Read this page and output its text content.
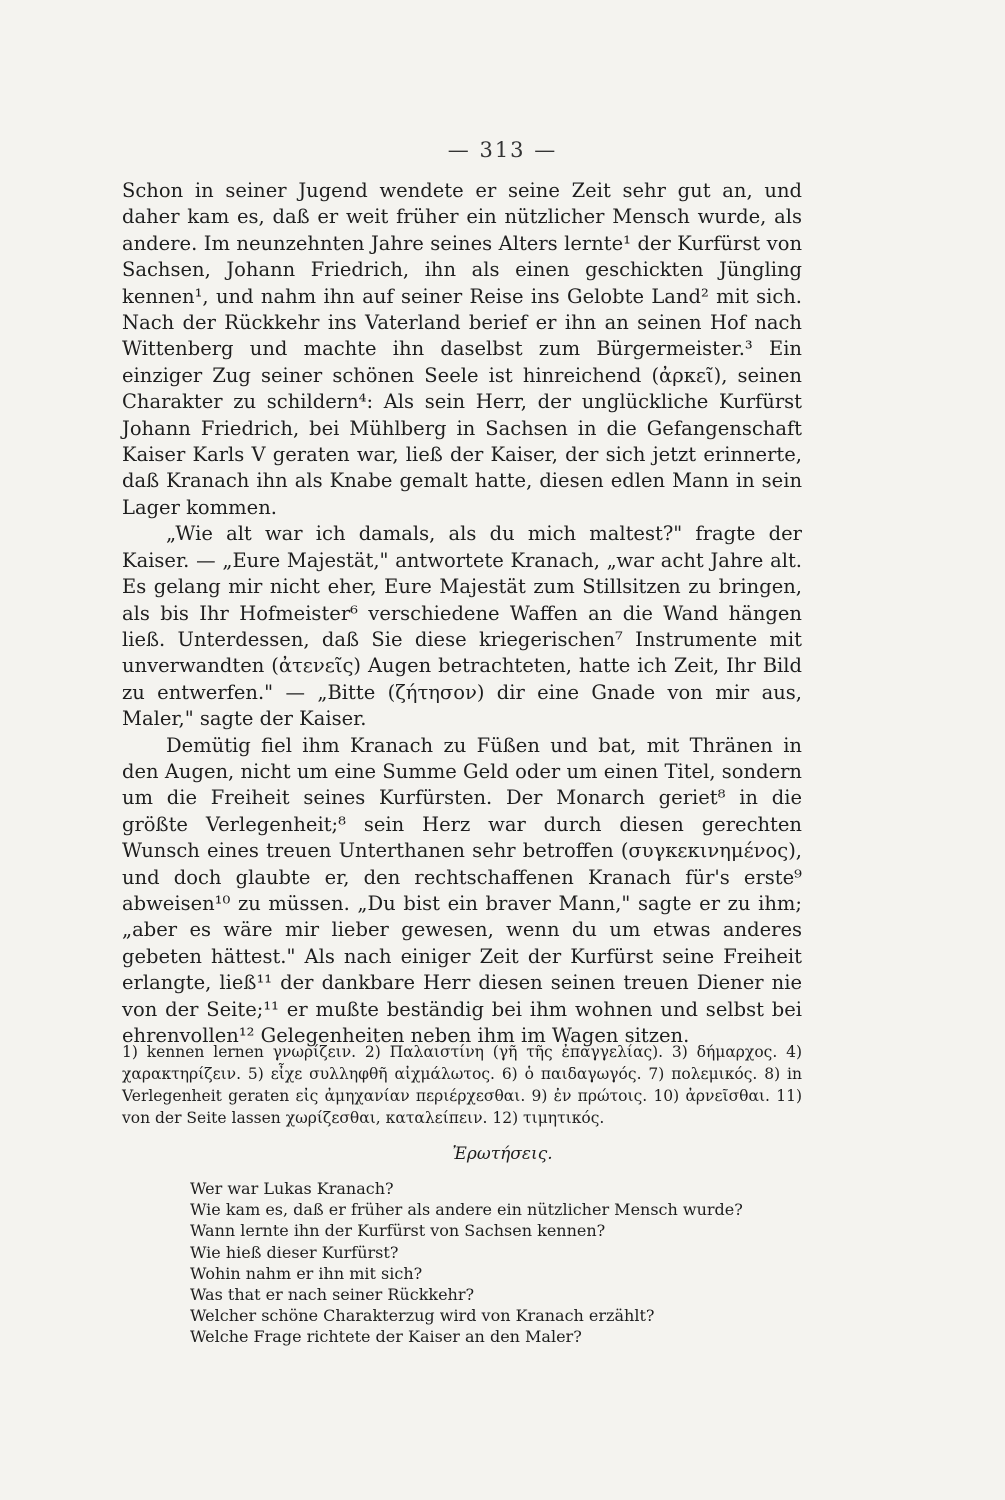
— 313 —

Schon in seiner Jugend wendete er seine Zeit sehr gut an, und daher kam es, daß er weit früher ein nützlicher Mensch wurde, als andere. Im neunzehnten Jahre seines Alters lernte¹ der Kurfürst von Sachsen, Johann Friedrich, ihn als einen geschickten Jüngling kennen¹, und nahm ihn auf seiner Reise ins Gelobte Land² mit sich. Nach der Rückkehr ins Vaterland berief er ihn an seinen Hof nach Wittenberg und machte ihn daselbst zum Bürgermeister.³ Ein einziger Zug seiner schönen Seele ist hinreichend (ἀρκεῖ), seinen Charakter zu schildern⁴: Als sein Herr, der unglückliche Kurfürst Johann Friedrich, bei Mühlberg in Sachsen in die Gefangenschaft Kaiser Karls V geraten war, ließ der Kaiser, der sich jetzt erinnerte, daß Kranach ihn als Knabe gemalt hatte, diesen edlen Mann in sein Lager kommen.

„Wie alt war ich damals, als du mich maltest?" fragte der Kaiser. — „Eure Majestät," antwortete Kranach, „war acht Jahre alt. Es gelang mir nicht eher, Eure Majestät zum Stillsitzen zu bringen, als bis Ihr Hofmeister⁶ verschiedene Waffen an die Wand hängen ließ. Unterdessen, daß Sie diese kriegerischen⁷ Instrumente mit unverwandten (ἀτενεῖς) Augen betrachteten, hatte ich Zeit, Ihr Bild zu entwerfen." — „Bitte (ζήτησον) dir eine Gnade von mir aus, Maler," sagte der Kaiser.

Demütig fiel ihm Kranach zu Füßen und bat, mit Thränen in den Augen, nicht um eine Summe Geld oder um einen Titel, sondern um die Freiheit seines Kurfürsten. Der Monarch geriet⁸ in die größte Verlegenheit;⁸ sein Herz war durch diesen gerechten Wunsch eines treuen Unterthanen sehr betroffen (συγκεκινημένος), und doch glaubte er, den rechtschaffenen Kranach für's erste⁹ abweisen¹⁰ zu müssen. „Du bist ein braver Mann," sagte er zu ihm; „aber es wäre mir lieber gewesen, wenn du um etwas anderes gebeten hättest." Als nach einiger Zeit der Kurfürst seine Freiheit erlangte, ließ¹¹ der dankbare Herr diesen seinen treuen Diener nie von der Seite;¹¹ er mußte beständig bei ihm wohnen und selbst bei ehrenvollen¹² Gelegenheiten neben ihm im Wagen sitzen.

1) kennen lernen γνωρίζειν. 2) Παλαιστίνη (γῆ τῆς ἐπαγγελίας). 3) δήμαρχος. 4) χαρακτηρίζειν. 5) εἶχε συλληφθῆ αἰχμάλωτος. 6) ὁ παιδαγωγός. 7) πολεμικός. 8) in Verlegenheit geraten εἰς ἀμηχανίαν περιέρχεσθαι. 9) ἐν πρώτοις. 10) ἀρνεῖσθαι. 11) von der Seite lassen χωρίζεσθαι, καταλείπειν. 12) τιμητικός.
Ἐρωτήσεις.
Wer war Lukas Kranach?
Wie kam es, daß er früher als andere ein nützlicher Mensch wurde?
Wann lernte ihn der Kurfürst von Sachsen kennen?
Wie hieß dieser Kurfürst?
Wohin nahm er ihn mit sich?
Was that er nach seiner Rückkehr?
Welcher schöne Charakterzug wird von Kranach erzählt?
Welche Frage richtete der Kaiser an den Maler?
